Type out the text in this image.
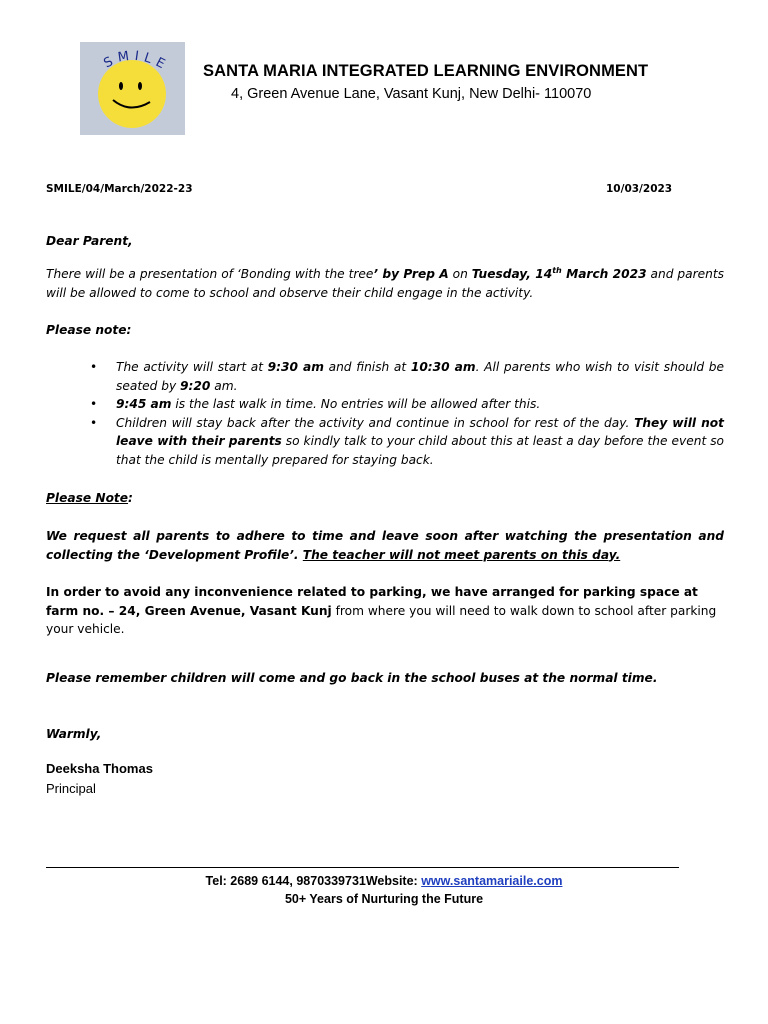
SMILE SANTA MARIA INTEGRATED LEARNING ENVIRONMENT
4, Green Avenue Lane, Vasant Kunj, New Delhi- 110070
SMILE/04/March/2022-23	10/03/2023
Dear Parent,
There will be a presentation of ‘Bonding with the tree’ by Prep A on Tuesday, 14th March 2023 and parents will be allowed to come to school and observe their child engage in the activity.
Please note:
• The activity will start at 9:30 am and finish at 10:30 am. All parents who wish to visit should be seated by 9:20 am.
• 9:45 am is the last walk in time. No entries will be allowed after this.
• Children will stay back after the activity and continue in school for rest of the day. They will not leave with their parents so kindly talk to your child about this at least a day before the event so that the child is mentally prepared for staying back.
Please Note:
We request all parents to adhere to time and leave soon after watching the presentation and collecting the ‘Development Profile’. The teacher will not meet parents on this day.
In order to avoid any inconvenience related to parking, we have arranged for parking space at farm no. – 24, Green Avenue, Vasant Kunj from where you will need to walk down to school after parking your vehicle.
Please remember children will come and go back in the school buses at the normal time.
Warmly,
Deeksha Thomas
Principal
Tel: 2689 6144, 9870339731Website: www.santamariaile.com
50+ Years of Nurturing the Future
